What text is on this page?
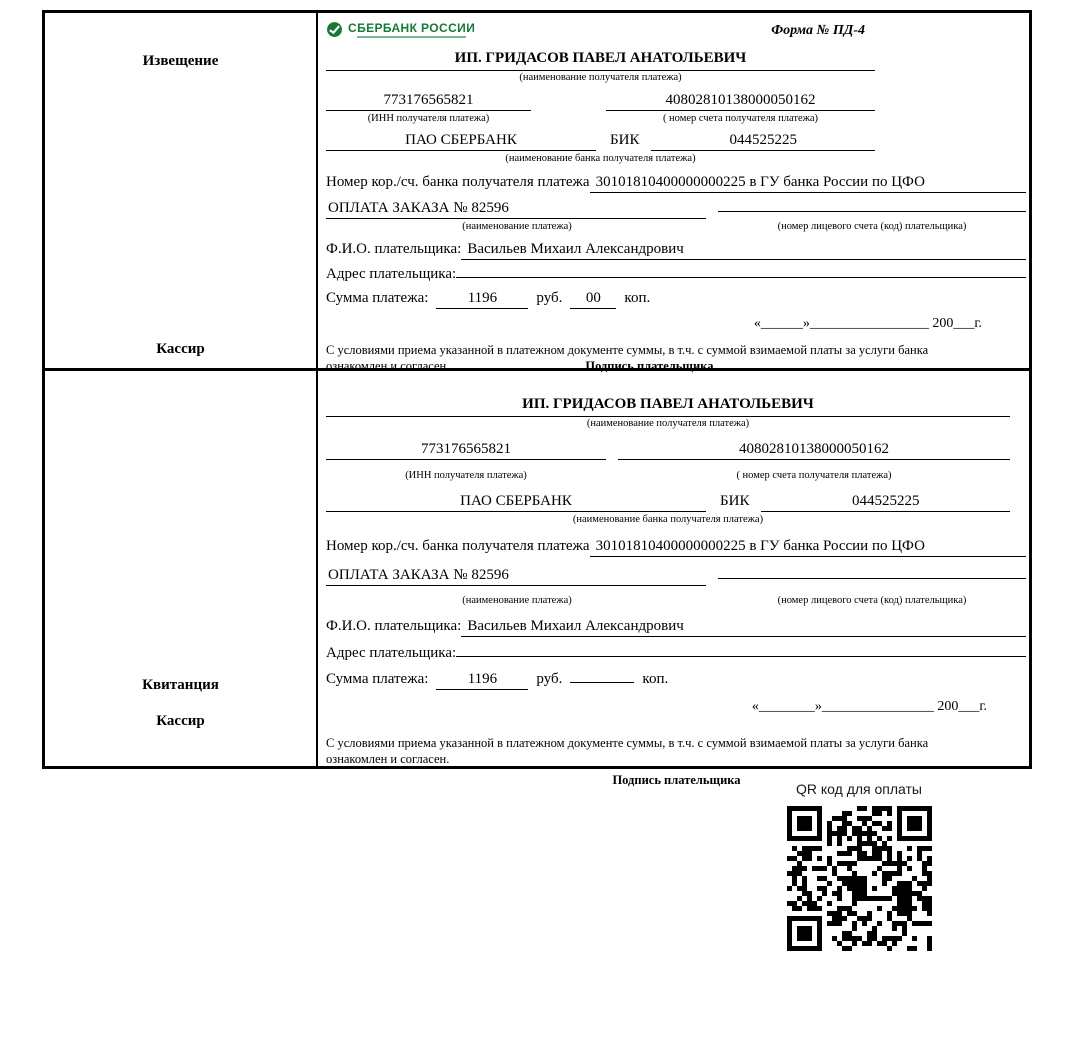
Извещение
Кассир
СБЕРБАНК РОССИИ	Форма № ПД-4
ИП. ГРИДАСОВ ПАВЕЛ АНАТОЛЬЕВИЧ
(наименование получателя платежа)
773176565821	40802810138000050162
(ИНН получателя платежа)	( номер счета получателя платежа)
ПАО СБЕРБАНК	БИК	044525225
(наименование банка получателя платежа)
Номер кор./сч. банка получателя платежа 30101810400000000225 в ГУ банка России по ЦФО
ОПЛАТА ЗАКАЗА № 82596
(наименование платежа)	(номер лицевого счета (код) плательщика)
Ф.И.О. плательщика: Васильев Михаил Александрович
Адрес плательщика:
Сумма платежа:	1196	руб.	00	коп.
«______»_________________ 200___г.
С условиями приема указанной в платежном документе суммы, в т.ч. с суммой взимаемой платы за услуги банка
ознакомлен и согласен.	Подпись плательщика
Квитанция
Кассир
ИП. ГРИДАСОВ ПАВЕЛ АНАТОЛЬЕВИЧ
(наименование получателя платежа)
773176565821	40802810138000050162
(ИНН получателя платежа)	( номер счета получателя платежа)
ПАО СБЕРБАНК	БИК	044525225
(наименование банка получателя платежа)
Номер кор./сч. банка получателя платежа 30101810400000000225 в ГУ банка России по ЦФО
ОПЛАТА ЗАКАЗА № 82596
(наименование платежа)	(номер лицевого счета (код) плательщика)
Ф.И.О. плательщика: Васильев Михаил Александрович
Адрес плательщика:
Сумма платежа:	1196	руб.	коп.
«________»________________ 200___г.
С условиями приема указанной в платежном документе суммы, в т.ч. с суммой взимаемой платы за услуги банка
ознакомлен и согласен.
Подпись плательщика
QR код для оплаты
